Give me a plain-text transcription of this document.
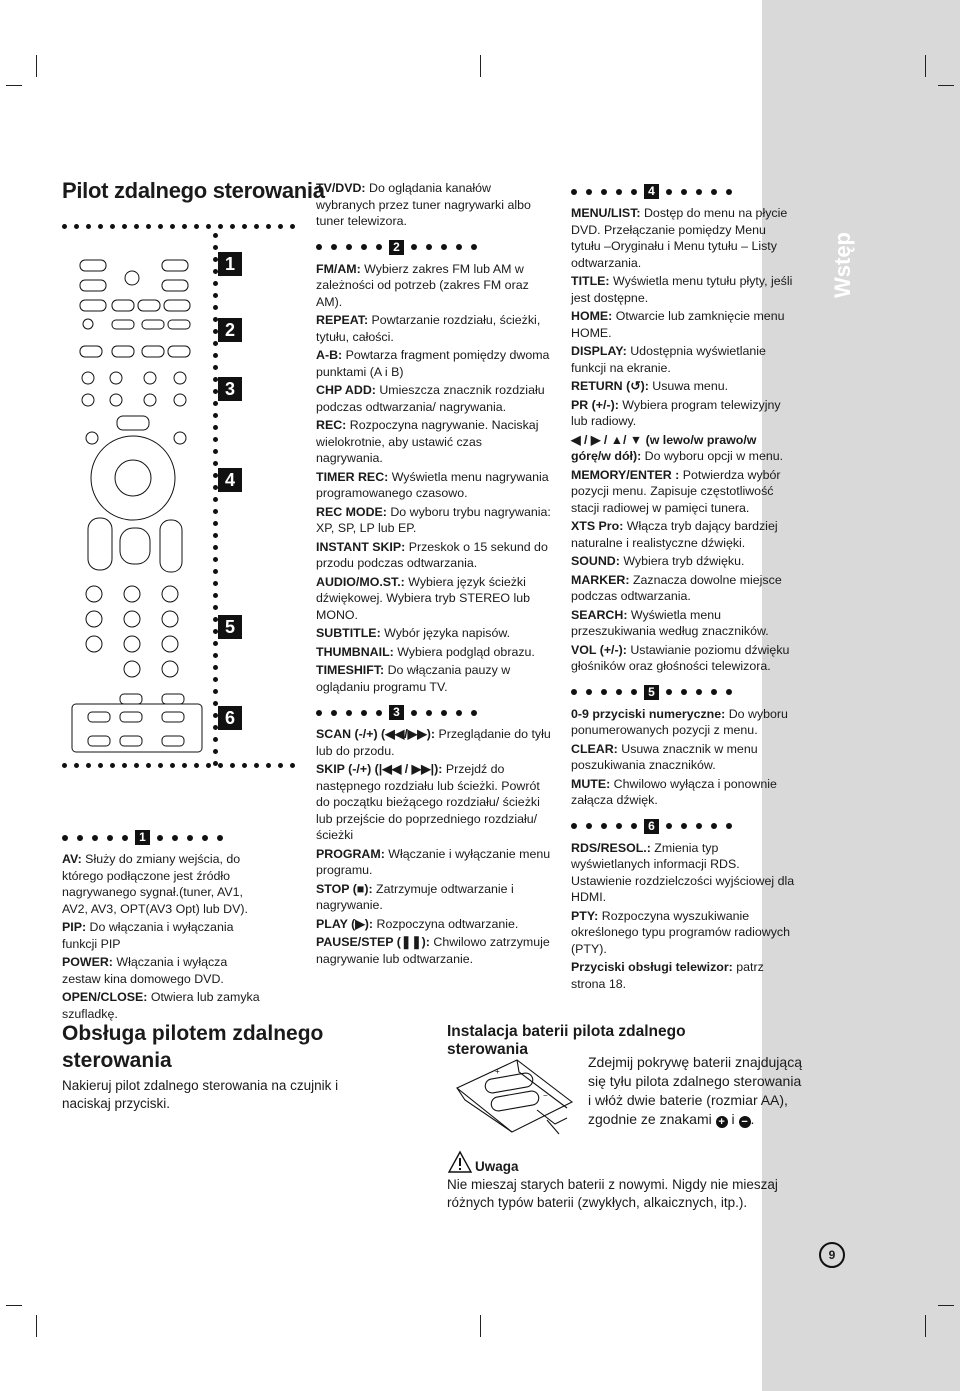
Wstęp
Pilot zdalnego sterowania
1
2
3
4
5
6
1

AV: Służy do zmiany wejścia, do którego podłączone jest źródło nagrywanego sygnał.(tuner, AV1, AV2, AV3, OPT(AV3 Opt) lub DV).

PIP: Do włączania i wyłączania funkcji PIP

POWER: Włączania i wyłącza zestaw kina domowego DVD.

OPEN/CLOSE: Otwiera lub zamyka szufladkę.

TV/DVD: Do oglądania kanałów wybranych przez tuner nagrywarki albo tuner telewizora.

2

FM/AM: Wybierz zakres FM lub AM w zależności od potrzeb (zakres FM oraz AM).

REPEAT: Powtarzanie rozdziału, ścieżki, tytułu, całości.

A-B: Powtarza fragment pomiędzy dwoma punktami (A i B)

CHP ADD: Umieszcza znacznik rozdziału podczas odtwarzania/ nagrywania.

REC: Rozpoczyna nagrywanie. Naciskaj wielokrotnie, aby ustawić czas nagrywania.

TIMER REC: Wyświetla menu nagrywania programowanego czasowo.

REC MODE: Do wyboru trybu nagrywania: XP, SP, LP lub EP.

INSTANT SKIP: Przeskok o 15 sekund do przodu podczas odtwarzania.

AUDIO/MO.ST.: Wybiera język ścieżki dźwiękowej. Wybiera tryb STEREO lub MONO.

SUBTITLE: Wybór języka napisów.

THUMBNAIL: Wybiera podgląd obrazu.

TIMESHIFT: Do włączania pauzy w oglądaniu programu TV.

3

SCAN (-/+) (◀◀/▶▶): Przeglądanie do tyłu lub do przodu.

SKIP (-/+) (|◀◀ / ▶▶|): Przejdź do następnego rozdziału lub ścieżki. Powrót do początku bieżącego rozdziału/ ścieżki lub przejście do poprzedniego rozdziału/ ścieżki

PROGRAM: Włączanie i wyłączanie menu programu.

STOP (■): Zatrzymuje odtwarzanie i nagrywanie.

PLAY (▶): Rozpoczyna odtwarzanie.

PAUSE/STEP (❚❚): Chwilowo zatrzymuje nagrywanie lub odtwarzanie.

4

MENU/LIST: Dostęp do menu na płycie DVD. Przełączanie pomiędzy Menu tytułu –Oryginału i Menu tytułu – Listy odtwarzania.

TITLE: Wyświetla menu tytułu płyty, jeśli jest dostępne.

HOME: Otwarcie lub zamknięcie menu HOME.

DISPLAY: Udostępnia wyświetlanie funkcji na ekranie.

RETURN (↺): Usuwa menu.

PR (+/-): Wybiera program telewizyjny lub radiowy.

◀ / ▶ / ▲/ ▼ (w lewo/w prawo/w górę/w dół): Do wyboru opcji w menu.

MEMORY/ENTER : Potwierdza wybór pozycji menu. Zapisuje częstotliwość stacji radiowej w pamięci tunera.

XTS Pro: Włącza tryb dający bardziej naturalne i realistyczne dźwięki.

SOUND: Wybiera tryb dźwięku.

MARKER: Zaznacza dowolne miejsce podczas odtwarzania.

SEARCH: Wyświetla menu przeszukiwania według znaczników.

VOL (+/-): Ustawianie poziomu dźwięku głośników oraz głośności telewizora.

5

0-9 przyciski numeryczne: Do wyboru ponumerowanych pozycji z menu.

CLEAR: Usuwa znacznik w menu poszukiwania znaczników.

MUTE: Chwilowo wyłącza i ponownie załącza dźwięk.

6

RDS/RESOL.: Zmienia typ wyświetlanych informacji RDS. Ustawienie rozdzielczości wyjściowej dla HDMI.

PTY: Rozpoczyna wyszukiwanie określonego typu programów radiowych (PTY).

Przyciski obsługi telewizor: patrz strona 18.

Obsługa pilotem zdalnego sterowania
Nakieruj pilot zdalnego sterowania na czujnik i naciskaj przyciski.
Instalacja baterii pilota zdalnego sterowania
+
−
Zdejmij pokrywę baterii znajdującą się tyłu pilota zdalnego sterowania i włóż dwie baterie (rozmiar AA), zgodnie ze znakami + i − .
Uwaga
Nie mieszaj starych baterii z nowymi. Nigdy nie mieszaj różnych typów baterii (zwykłych, alkaicznych, itp.).
9
